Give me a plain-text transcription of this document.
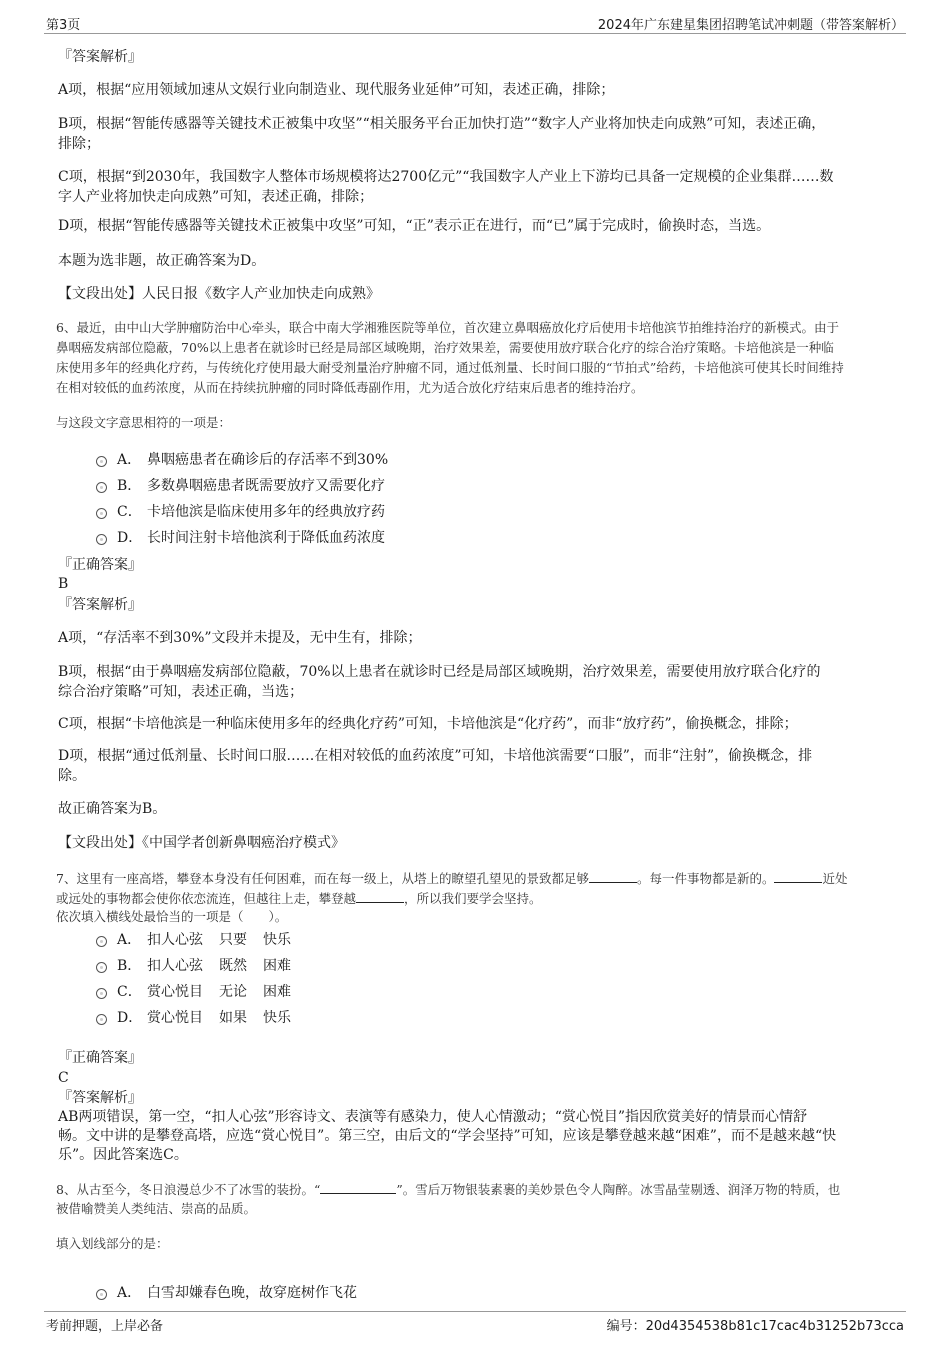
第3页	2024年广东建星集团招聘笔试冲刺题（带答案解析）
『答案解析』
A项，根据“应用领域加速从文娱行业向制造业、现代服务业延伸”可知，表述正确，排除；
B项，根据“智能传感器等关键技术正被集中攻坚”“相关服务平台正加快打造”“数字人产业将加快走向成熟”可知，表述正确，
排除；
C项，根据“到2030年，我国数字人整体市场规模将达2700亿元”“我国数字人产业上下游均已具备一定规模的企业集群……数
字人产业将加快走向成熟”可知，表述正确，排除；
D项，根据“智能传感器等关键技术正被集中攻坚”可知，“正”表示正在进行，而“已”属于完成时，偷换时态，当选。
本题为选非题，故正确答案为D。
【文段出处】人民日报《数字人产业加快走向成熟》
6、最近，由中山大学肿瘤防治中心牵头，联合中南大学湘雅医院等单位，首次建立鼻咽癌放化疗后使用卡培他滨节拍维持治疗的新模式。由于
鼻咽癌发病部位隐蔽，70%以上患者在就诊时已经是局部区域晚期，治疗效果差，需要使用放疗联合化疗的综合治疗策略。卡培他滨是一种临
床使用多年的经典化疗药，与传统化疗使用最大耐受剂量治疗肿瘤不同，通过低剂量、长时间口服的“节拍式”给药，卡培他滨可使其长时间维持
在相对较低的血药浓度，从而在持续抗肿瘤的同时降低毒副作用，尤为适合放化疗结束后患者的维持治疗。
与这段文字意思相符的一项是：
A． 鼻咽癌患者在确诊后的存活率不到30%
B． 多数鼻咽癌患者既需要放疗又需要化疗
C． 卡培他滨是临床使用多年的经典放疗药
D． 长时间注射卡培他滨利于降低血药浓度
『正确答案』
B
『答案解析』
A项，“存活率不到30%”文段并未提及，无中生有，排除；
B项，根据“由于鼻咽癌发病部位隐蔽，70%以上患者在就诊时已经是局部区域晚期，治疗效果差，需要使用放疗联合化疗的
综合治疗策略”可知，表述正确，当选；
C项，根据“卡培他滨是一种临床使用多年的经典化疗药”可知，卡培他滨是“化疗药”，而非“放疗药”，偷换概念，排除；
D项，根据“通过低剂量、长时间口服……在相对较低的血药浓度”可知，卡培他滨需要“口服”，而非“注射”，偷换概念，排
除。
故正确答案为B。
【文段出处】《中国学者创新鼻咽癌治疗模式》
7、这里有一座高塔，攀登本身没有任何困难，而在每一级上，从塔上的瞭望孔望见的景致都足够	。每一件事物都是新的。	近处
或远处的事物都会使你依恋流连，但越往上走，攀登越	，所以我们要学会坚持。
依次填入横线处最恰当的一项是（　　）。
A． 扣人心弦 只要 快乐
B． 扣人心弦 既然 困难
C． 赏心悦目 无论 困难
D． 赏心悦目 如果 快乐
『正确答案』
C
『答案解析』
AB两项错误，第一空，“扣人心弦”形容诗文、表演等有感染力，使人心情激动；“赏心悦目”指因欣赏美好的情景而心情舒
畅。文中讲的是攀登高塔，应选“赏心悦目”。第三空，由后文的“学会坚持”可知，应该是攀登越来越“困难”，而不是越来越“快
乐”。因此答案选C。
8、从古至今，冬日浪漫总少不了冰雪的装扮。“	”。雪后万物银装素裹的美妙景色令人陶醉。冰雪晶莹剔透、润泽万物的特质，也
被借喻赞美人类纯洁、崇高的品质。
填入划线部分的是：
A． 白雪却嫌春色晚，故穿庭树作飞花
考前押题，上岸必备	编号：20d4354538b81c17cac4b31252b73cca
